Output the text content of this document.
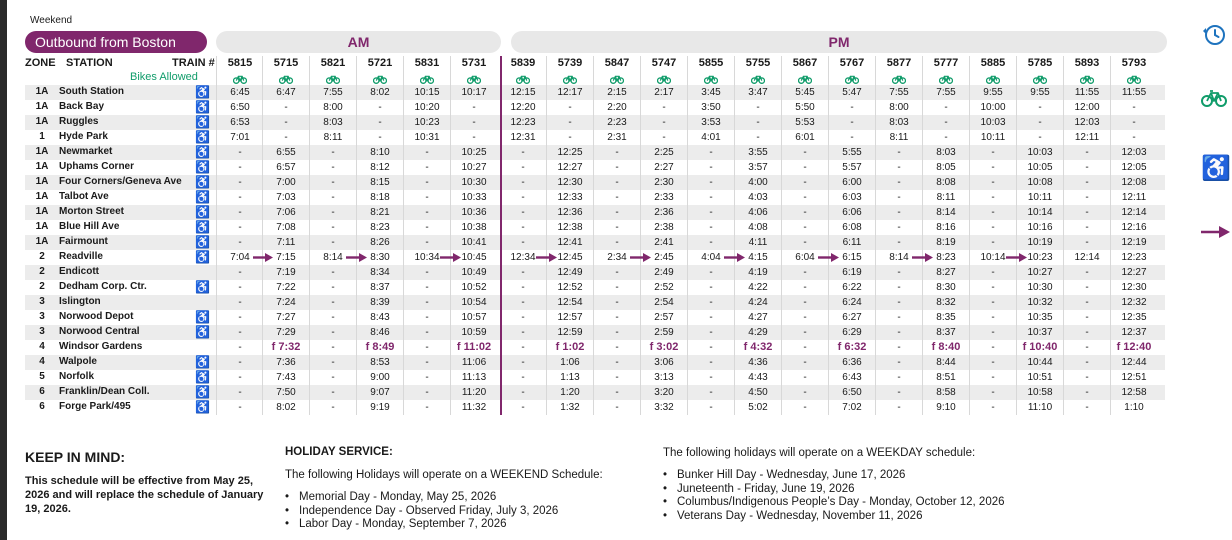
Weekend
Outbound from Boston	AM	PM
ZONE STATION	TRAIN #
Bikes Allowed
5815	5715	5821	5721	5831	5731	5839	5739	5847	5747	5855	5755	5867	5767	5877	5777	5885	5785	5893	5793
1A	South Station	♿	6:45	6:47	7:55	8:02	10:15	10:17	12:15	12:17	2:15	2:17	3:45	3:47	5:45	5:47	7:55	7:55	9:55	9:55	11:55	11:55
1A	Back Bay	♿	6:50	-	8:00	-	10:20	-	12:20	-	2:20	-	3:50	-	5:50	-	8:00	-	10:00	-	12:00	-
1A	Ruggles	♿	6:53	-	8:03	-	10:23	-	12:23	-	2:23	-	3:53	-	5:53	-	8:03	-	10:03	-	12:03	-
1	Hyde Park	♿	7:01	-	8:11	-	10:31	-	12:31	-	2:31	-	4:01	-	6:01	-	8:11	-	10:11	-	12:11	-
1A	Newmarket	♿	-	6:55	-	8:10	-	10:25	-	12:25	-	2:25	-	3:55	-	5:55	-	8:03	-	10:03	-	12:03
1A	Uphams Corner	♿	-	6:57	-	8:12	-	10:27	-	12:27	-	2:27	-	3:57	-	5:57	-	8:05	-	10:05	-	12:05
1A	Four Corners/Geneva Ave ♿	-	7:00	-	8:15	-	10:30	-	12:30	-	2:30	-	4:00	-	6:00	-	8:08	-	10:08	-	12:08
1A	Talbot Ave	♿	-	7:03	-	8:18	-	10:33	-	12:33	-	2:33	-	4:03	-	6:03	-	8:11	-	10:11	-	12:11
1A	Morton Street	♿	-	7:06	-	8:21	-	10:36	-	12:36	-	2:36	-	4:06	-	6:06	-	8:14	-	10:14	-	12:14
1A	Blue Hill Ave	♿	-	7:08	-	8:23	-	10:38	-	12:38	-	2:38	-	4:08	-	6:08	-	8:16	-	10:16	-	12:16
1A	Fairmount	♿	-	7:11	-	8:26	-	10:41	-	12:41	-	2:41	-	4:11	-	6:11	-	8:19	-	10:19	-	12:19
2	Readville	♿	7:04	7:15	8:14	8:30	10:34	10:45	12:34	12:45	2:34	2:45	4:04	4:15	6:04	6:15	8:14	8:23	10:14	10:23	12:14	12:23
2	Endicott	-	7:19	-	8:34	-	10:49	-	12:49	-	2:49	-	4:19	-	6:19	-	8:27	-	10:27	-	12:27
2	Dedham Corp. Ctr.	♿	-	7:22	-	8:37	-	10:52	-	12:52	-	2:52	-	4:22	-	6:22	-	8:30	-	10:30	-	12:30
3	Islington	-	7:24	-	8:39	-	10:54	-	12:54	-	2:54	-	4:24	-	6:24	-	8:32	-	10:32	-	12:32
3	Norwood Depot	♿	-	7:27	-	8:43	-	10:57	-	12:57	-	2:57	-	4:27	-	6:27	-	8:35	-	10:35	-	12:35
3	Norwood Central	♿	-	7:29	-	8:46	-	10:59	-	12:59	-	2:59	-	4:29	-	6:29	-	8:37	-	10:37	-	12:37
4	Windsor Gardens	-	f 7:32	-	f 8:49	-	f 11:02	-	f 1:02	-	f 3:02	-	f 4:32	-	f 6:32	-	f 8:40	-	f 10:40	-	f 12:40
4	Walpole	♿	-	7:36	-	8:53	-	11:06	-	1:06	-	3:06	-	4:36	-	6:36	-	8:44	-	10:44	-	12:44
5	Norfolk	♿	-	7:43	-	9:00	-	11:13	-	1:13	-	3:13	-	4:43	-	6:43	-	8:51	-	10:51	-	12:51
6	Franklin/Dean Coll.	♿	-	7:50	-	9:07	-	11:20	-	1:20	-	3:20	-	4:50	-	6:50	-	8:58	-	10:58	-	12:58
6	Forge Park/495	♿	-	8:02	-	9:19	-	11:32	-	1:32	-	3:32	-	5:02	-	7:02	-	9:10	-	11:10	-	1:10
KEEP IN MIND:
This schedule will be effective from May 25, 2026 and will replace the schedule of January 19, 2026.
HOLIDAY SERVICE:
The following Holidays will operate on a WEEKEND Schedule:
• Memorial Day - Monday, May 25, 2026
• Independence Day - Observed Friday, July 3, 2026
• Labor Day - Monday, September 7, 2026
The following holidays will operate on a WEEKDAY schedule:
• Bunker Hill Day - Wednesday, June 17, 2026
• Juneteenth - Friday, June 19, 2026
• Columbus/Indigenous People’s Day - Monday, October 12, 2026
• Veterans Day - Wednesday, November 11, 2026
♿
